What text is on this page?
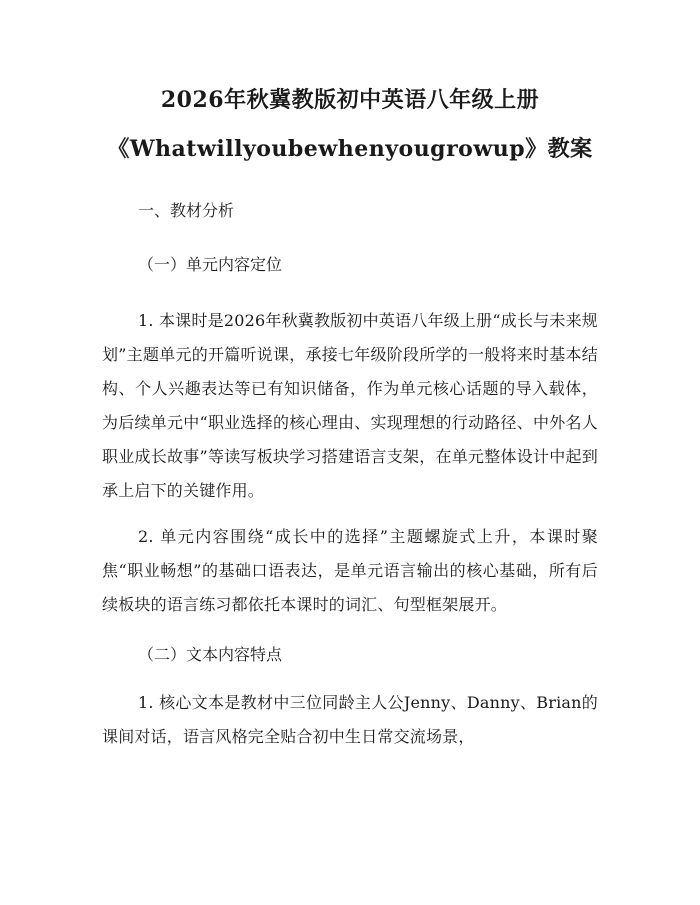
2026年秋冀教版初中英语八年级上册
《Whatwillyoubewhenyougrowup》教案

一、教材分析

（一）单元内容定位

1. 本课时是2026年秋冀教版初中英语八年级上册“成长与未来规划”主题单元的开篇听说课，承接七年级阶段所学的一般将来时基本结构、个人兴趣表达等已有知识储备，作为单元核心话题的导入载体，为后续单元中“职业选择的核心理由、实现理想的行动路径、中外名人职业成长故事”等读写板块学习搭建语言支架，在单元整体设计中起到承上启下的关键作用。

2. 单元内容围绕“成长中的选择”主题螺旋式上升，本课时聚焦“职业畅想”的基础口语表达，是单元语言输出的核心基础，所有后续板块的语言练习都依托本课时的词汇、句型框架展开。

（二）文本内容特点

1. 核心文本是教材中三位同龄主人公Jenny、Danny、Brian的课间对话，语言风格完全贴合初中生日常交流场景，
